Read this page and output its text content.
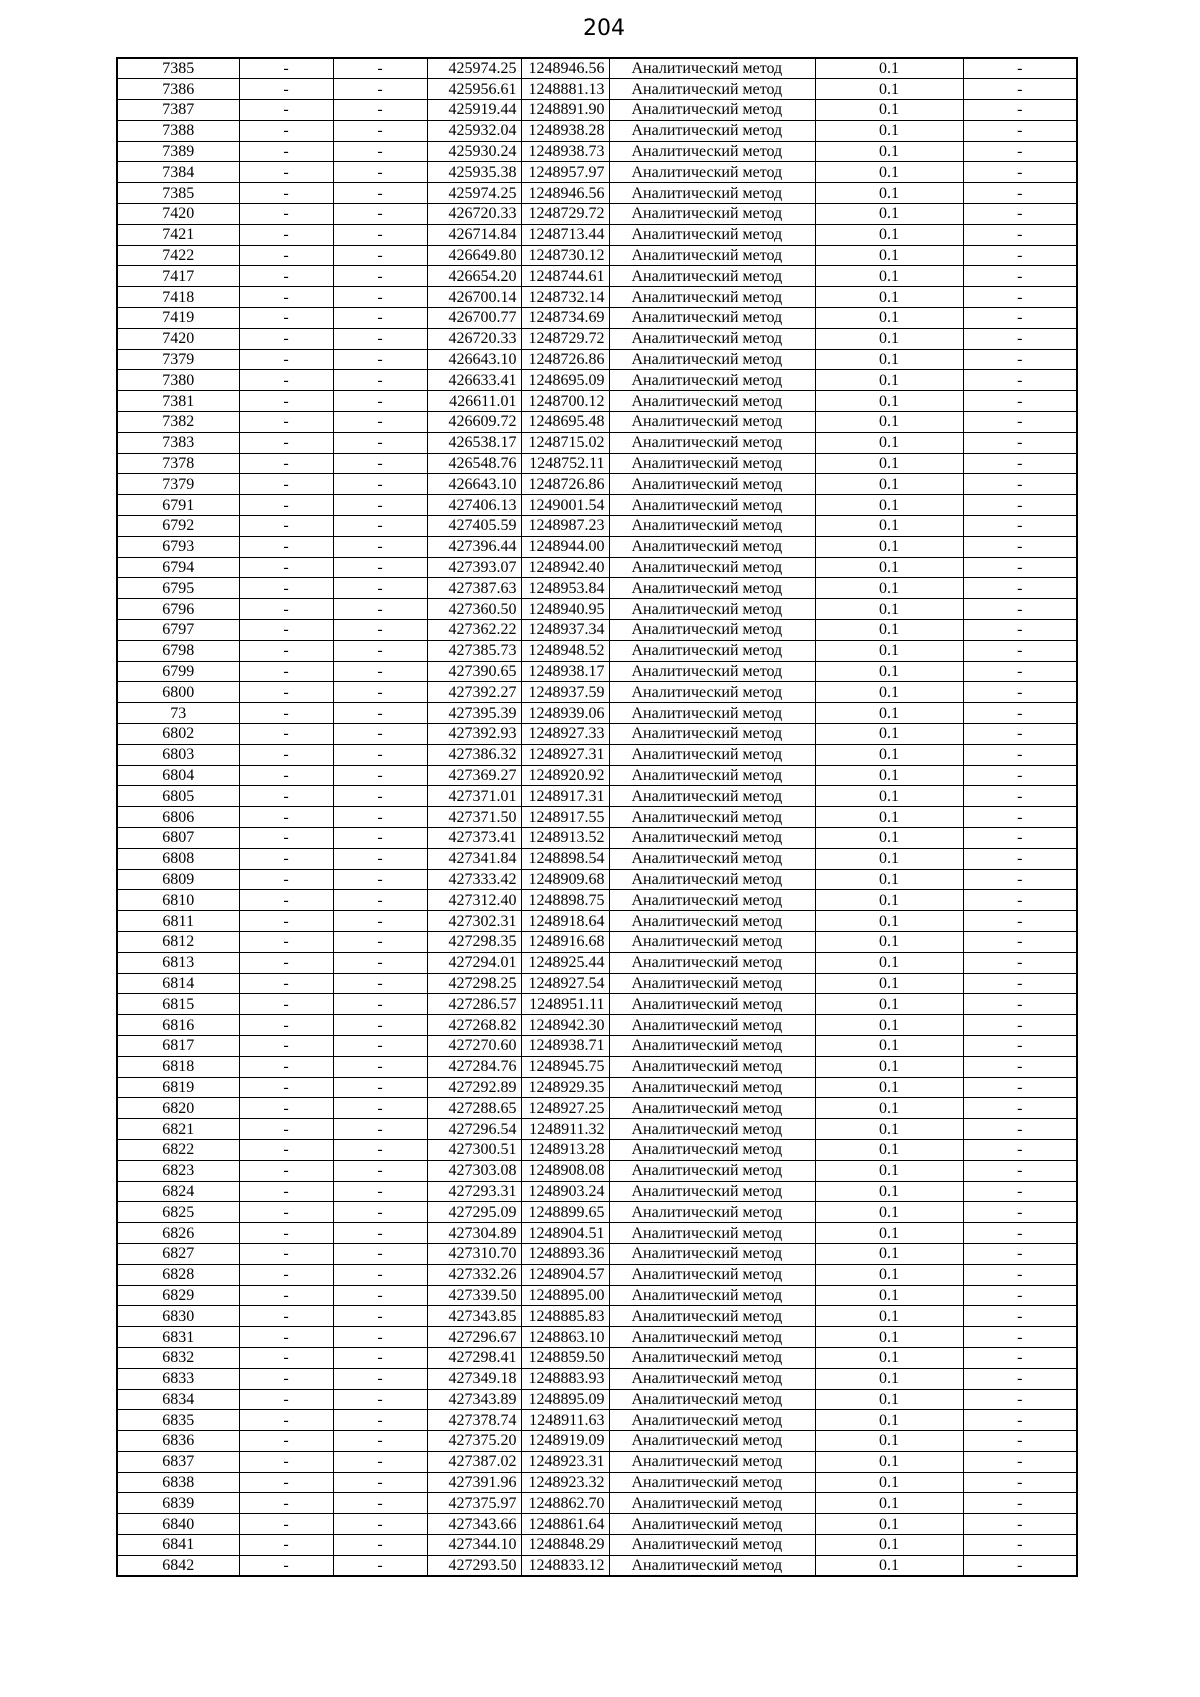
204
7385	-	-	425974.25	1248946.56	Аналитический метод	0.1	-
7386	-	-	425956.61	1248881.13	Аналитический метод	0.1	-
7387	-	-	425919.44	1248891.90	Аналитический метод	0.1	-
7388	-	-	425932.04	1248938.28	Аналитический метод	0.1	-
7389	-	-	425930.24	1248938.73	Аналитический метод	0.1	-
7384	-	-	425935.38	1248957.97	Аналитический метод	0.1	-
7385	-	-	425974.25	1248946.56	Аналитический метод	0.1	-
7420	-	-	426720.33	1248729.72	Аналитический метод	0.1	-
7421	-	-	426714.84	1248713.44	Аналитический метод	0.1	-
7422	-	-	426649.80	1248730.12	Аналитический метод	0.1	-
7417	-	-	426654.20	1248744.61	Аналитический метод	0.1	-
7418	-	-	426700.14	1248732.14	Аналитический метод	0.1	-
7419	-	-	426700.77	1248734.69	Аналитический метод	0.1	-
7420	-	-	426720.33	1248729.72	Аналитический метод	0.1	-
7379	-	-	426643.10	1248726.86	Аналитический метод	0.1	-
7380	-	-	426633.41	1248695.09	Аналитический метод	0.1	-
7381	-	-	426611.01	1248700.12	Аналитический метод	0.1	-
7382	-	-	426609.72	1248695.48	Аналитический метод	0.1	-
7383	-	-	426538.17	1248715.02	Аналитический метод	0.1	-
7378	-	-	426548.76	1248752.11	Аналитический метод	0.1	-
7379	-	-	426643.10	1248726.86	Аналитический метод	0.1	-
6791	-	-	427406.13	1249001.54	Аналитический метод	0.1	-
6792	-	-	427405.59	1248987.23	Аналитический метод	0.1	-
6793	-	-	427396.44	1248944.00	Аналитический метод	0.1	-
6794	-	-	427393.07	1248942.40	Аналитический метод	0.1	-
6795	-	-	427387.63	1248953.84	Аналитический метод	0.1	-
6796	-	-	427360.50	1248940.95	Аналитический метод	0.1	-
6797	-	-	427362.22	1248937.34	Аналитический метод	0.1	-
6798	-	-	427385.73	1248948.52	Аналитический метод	0.1	-
6799	-	-	427390.65	1248938.17	Аналитический метод	0.1	-
6800	-	-	427392.27	1248937.59	Аналитический метод	0.1	-
73	-	-	427395.39	1248939.06	Аналитический метод	0.1	-
6802	-	-	427392.93	1248927.33	Аналитический метод	0.1	-
6803	-	-	427386.32	1248927.31	Аналитический метод	0.1	-
6804	-	-	427369.27	1248920.92	Аналитический метод	0.1	-
6805	-	-	427371.01	1248917.31	Аналитический метод	0.1	-
6806	-	-	427371.50	1248917.55	Аналитический метод	0.1	-
6807	-	-	427373.41	1248913.52	Аналитический метод	0.1	-
6808	-	-	427341.84	1248898.54	Аналитический метод	0.1	-
6809	-	-	427333.42	1248909.68	Аналитический метод	0.1	-
6810	-	-	427312.40	1248898.75	Аналитический метод	0.1	-
6811	-	-	427302.31	1248918.64	Аналитический метод	0.1	-
6812	-	-	427298.35	1248916.68	Аналитический метод	0.1	-
6813	-	-	427294.01	1248925.44	Аналитический метод	0.1	-
6814	-	-	427298.25	1248927.54	Аналитический метод	0.1	-
6815	-	-	427286.57	1248951.11	Аналитический метод	0.1	-
6816	-	-	427268.82	1248942.30	Аналитический метод	0.1	-
6817	-	-	427270.60	1248938.71	Аналитический метод	0.1	-
6818	-	-	427284.76	1248945.75	Аналитический метод	0.1	-
6819	-	-	427292.89	1248929.35	Аналитический метод	0.1	-
6820	-	-	427288.65	1248927.25	Аналитический метод	0.1	-
6821	-	-	427296.54	1248911.32	Аналитический метод	0.1	-
6822	-	-	427300.51	1248913.28	Аналитический метод	0.1	-
6823	-	-	427303.08	1248908.08	Аналитический метод	0.1	-
6824	-	-	427293.31	1248903.24	Аналитический метод	0.1	-
6825	-	-	427295.09	1248899.65	Аналитический метод	0.1	-
6826	-	-	427304.89	1248904.51	Аналитический метод	0.1	-
6827	-	-	427310.70	1248893.36	Аналитический метод	0.1	-
6828	-	-	427332.26	1248904.57	Аналитический метод	0.1	-
6829	-	-	427339.50	1248895.00	Аналитический метод	0.1	-
6830	-	-	427343.85	1248885.83	Аналитический метод	0.1	-
6831	-	-	427296.67	1248863.10	Аналитический метод	0.1	-
6832	-	-	427298.41	1248859.50	Аналитический метод	0.1	-
6833	-	-	427349.18	1248883.93	Аналитический метод	0.1	-
6834	-	-	427343.89	1248895.09	Аналитический метод	0.1	-
6835	-	-	427378.74	1248911.63	Аналитический метод	0.1	-
6836	-	-	427375.20	1248919.09	Аналитический метод	0.1	-
6837	-	-	427387.02	1248923.31	Аналитический метод	0.1	-
6838	-	-	427391.96	1248923.32	Аналитический метод	0.1	-
6839	-	-	427375.97	1248862.70	Аналитический метод	0.1	-
6840	-	-	427343.66	1248861.64	Аналитический метод	0.1	-
6841	-	-	427344.10	1248848.29	Аналитический метод	0.1	-
6842	-	-	427293.50	1248833.12	Аналитический метод	0.1	-
